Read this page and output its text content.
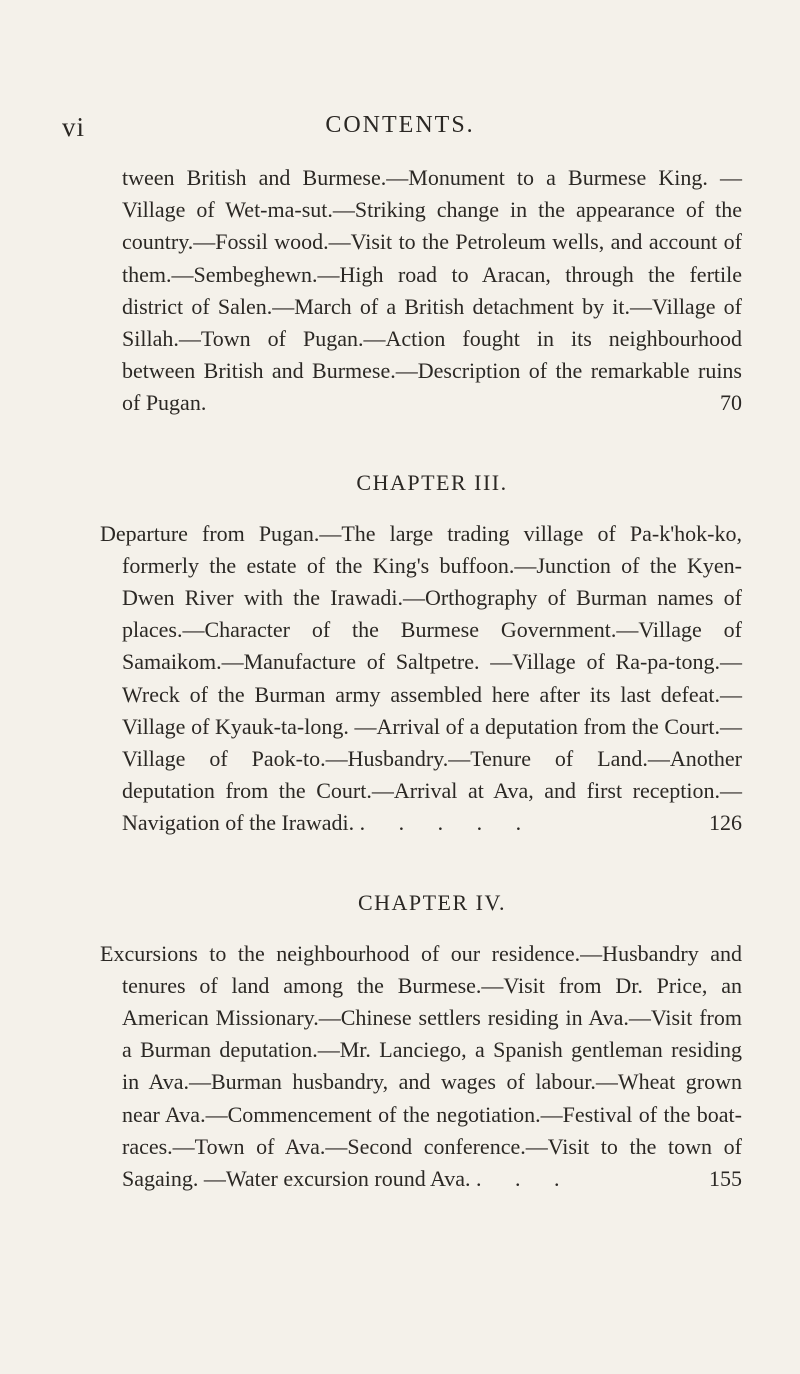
vi	CONTENTS.

tween British and Burmese.—Monument to a Burmese King. —Village of Wet-ma-sut.—Striking change in the appearance of the country.—Fossil wood.—Visit to the Petroleum wells, and account of them.—Sembeghewn.—High road to Aracan, through the fertile district of Salen.—March of a British detachment by it.—Village of Sillah.—Town of Pugan.—Action fought in its neighbourhood between British and Burmese.—Description of the remarkable ruins of Pugan.	70

CHAPTER III.

Departure from Pugan.—The large trading village of Pa-k'hok-ko, formerly the estate of the King's buffoon.—Junction of the Kyen-Dwen River with the Irawadi.—Orthography of Burman names of places.—Character of the Burmese Government.—Village of Samaikom.—Manufacture of Saltpetre. —Village of Ra-pa-tong.—Wreck of the Burman army assembled here after its last defeat.—Village of Kyauk-ta-long. —Arrival of a deputation from the Court.—Village of Paok-to.—Husbandry.—Tenure of Land.—Another deputation from the Court.—Arrival at Ava, and first reception.—Navigation of the Irawadi. . . . . .	126

CHAPTER IV.

Excursions to the neighbourhood of our residence.—Husbandry and tenures of land among the Burmese.—Visit from Dr. Price, an American Missionary.—Chinese settlers residing in Ava.—Visit from a Burman deputation.—Mr. Lanciego, a Spanish gentleman residing in Ava.—Burman husbandry, and wages of labour.—Wheat grown near Ava.—Commencement of the negotiation.—Festival of the boat-races.—Town of Ava.—Second conference.—Visit to the town of Sagaing. —Water excursion round Ava. . . .	155
